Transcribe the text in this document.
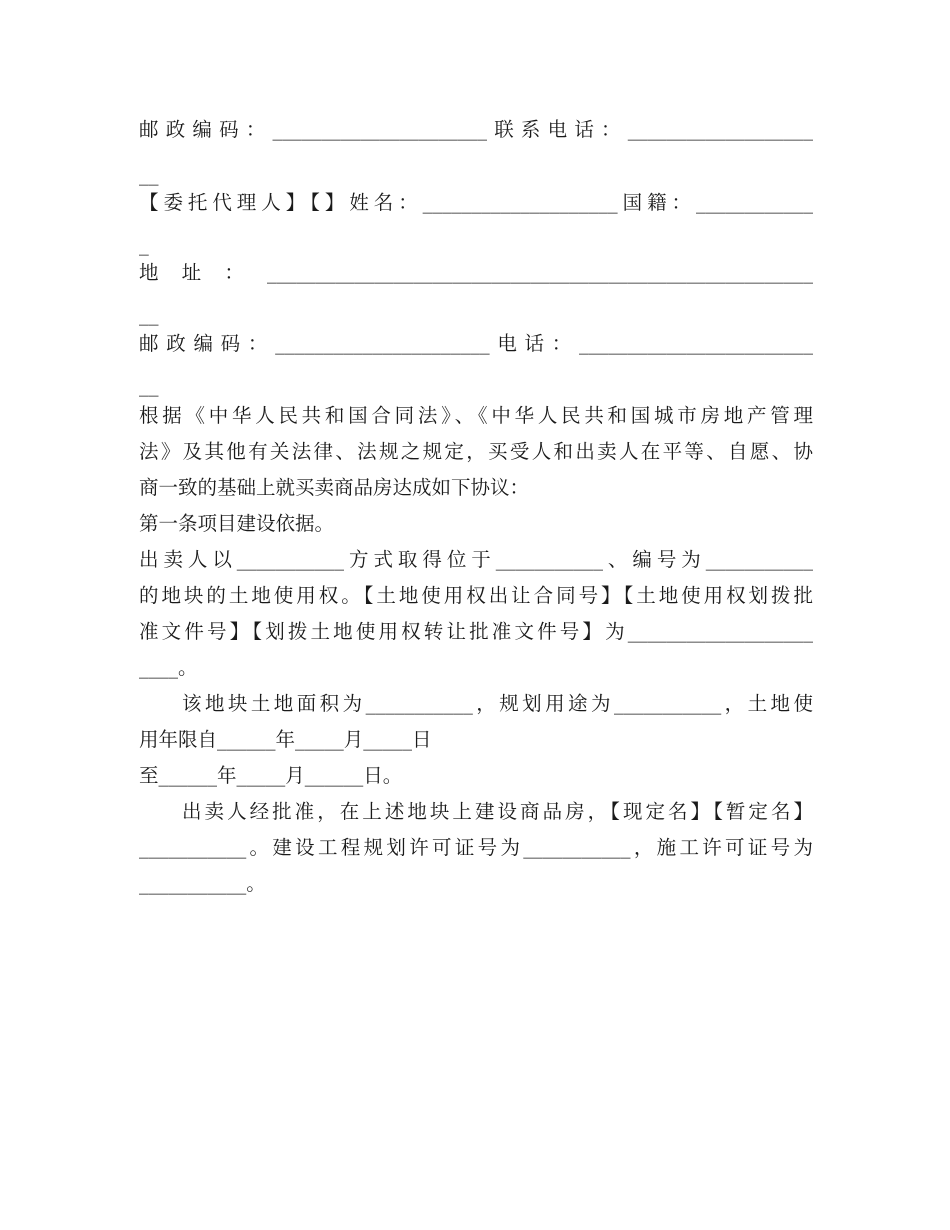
邮政编码：______________________联系电话：___________________
__
【委托代理人】【】姓名：____________________国籍：____________
_
地址：________________________________________________________
__
邮政编码：______________________电话：________________________
__
根据《中华人民共和国合同法》、《中华人民共和国城市房地产管理
法》及其他有关法律、法规之规定，买受人和出卖人在平等、自愿、协
商一致的基础上就买卖商品房达成如下协议：
第一条项目建设依据。
出卖人以___________方式取得位于___________、编号为___________
的地块的土地使用权。【土地使用权出让合同号】【土地使用权划拨批
准文件号】【划拨土地使用权转让批准文件号】为___________________
____。
该地块土地面积为___________，规划用途为___________，土地使
用年限自______年_____月_____日
至______年_____月______日。
出卖人经批准，在上述地块上建设商品房，【现定名】【暂定名】
___________。建设工程规划许可证号为___________，施工许可证号为
___________。
